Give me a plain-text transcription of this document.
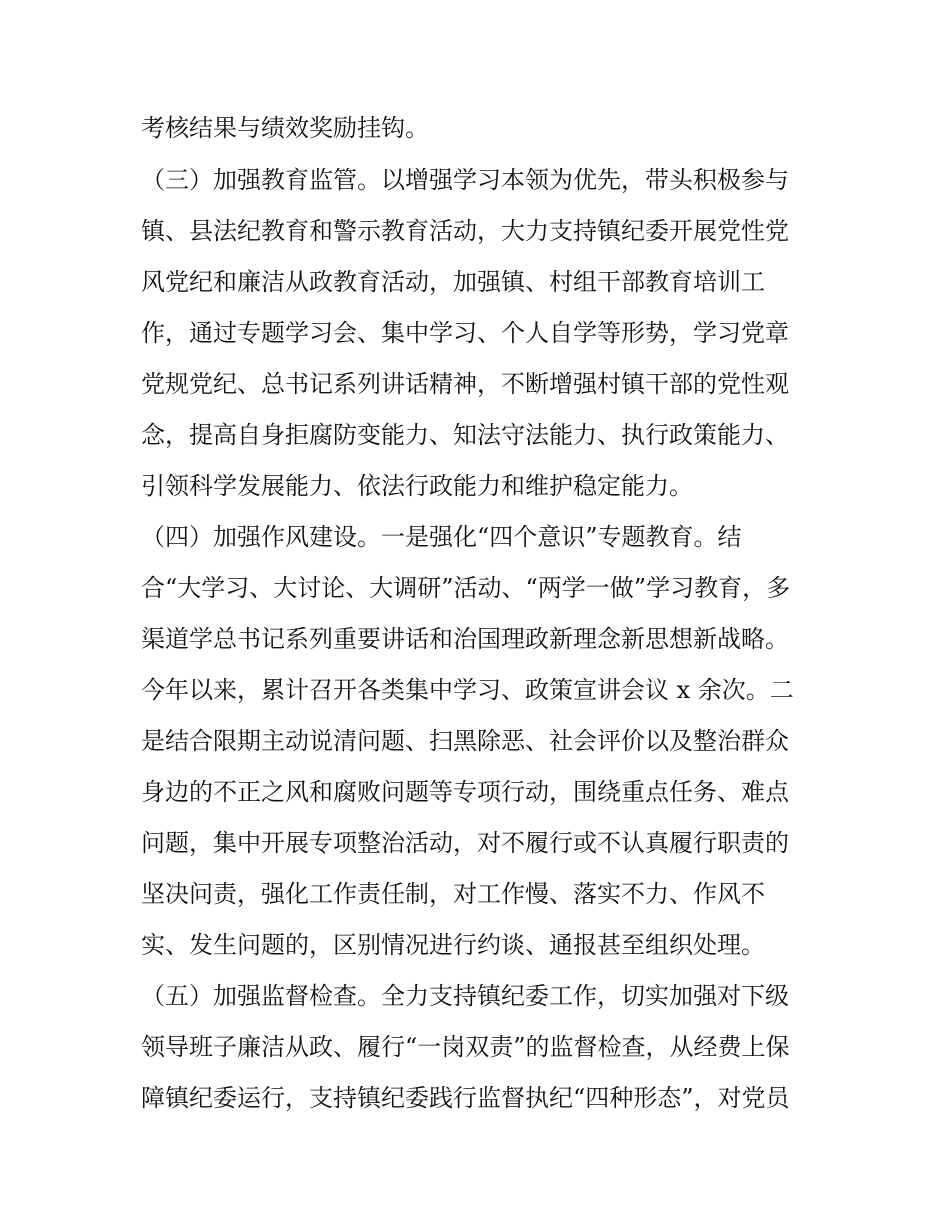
考核结果与绩效奖励挂钩。
（三）加强教育监管。以增强学习本领为优先，带头积极参与
镇、县法纪教育和警示教育活动，大力支持镇纪委开展党性党
风党纪和廉洁从政教育活动，加强镇、村组干部教育培训工
作，通过专题学习会、集中学习、个人自学等形势，学习党章
党规党纪、总书记系列讲话精神，不断增强村镇干部的党性观
念，提高自身拒腐防变能力、知法守法能力、执行政策能力、
引领科学发展能力、依法行政能力和维护稳定能力。
（四）加强作风建设。一是强化“四个意识”专题教育。结
合“大学习、大讨论、大调研”活动、“两学一做”学习教育，多
渠道学总书记系列重要讲话和治国理政新理念新思想新战略。
今年以来，累计召开各类集中学习、政策宣讲会议 x 余次。二
是结合限期主动说清问题、扫黑除恶、社会评价以及整治群众
身边的不正之风和腐败问题等专项行动，围绕重点任务、难点
问题，集中开展专项整治活动，对不履行或不认真履行职责的
坚决问责，强化工作责任制，对工作慢、落实不力、作风不
实、发生问题的，区别情况进行约谈、通报甚至组织处理。
（五）加强监督检查。全力支持镇纪委工作，切实加强对下级
领导班子廉洁从政、履行“一岗双责”的监督检查，从经费上保
障镇纪委运行，支持镇纪委践行监督执纪“四种形态”，对党员
